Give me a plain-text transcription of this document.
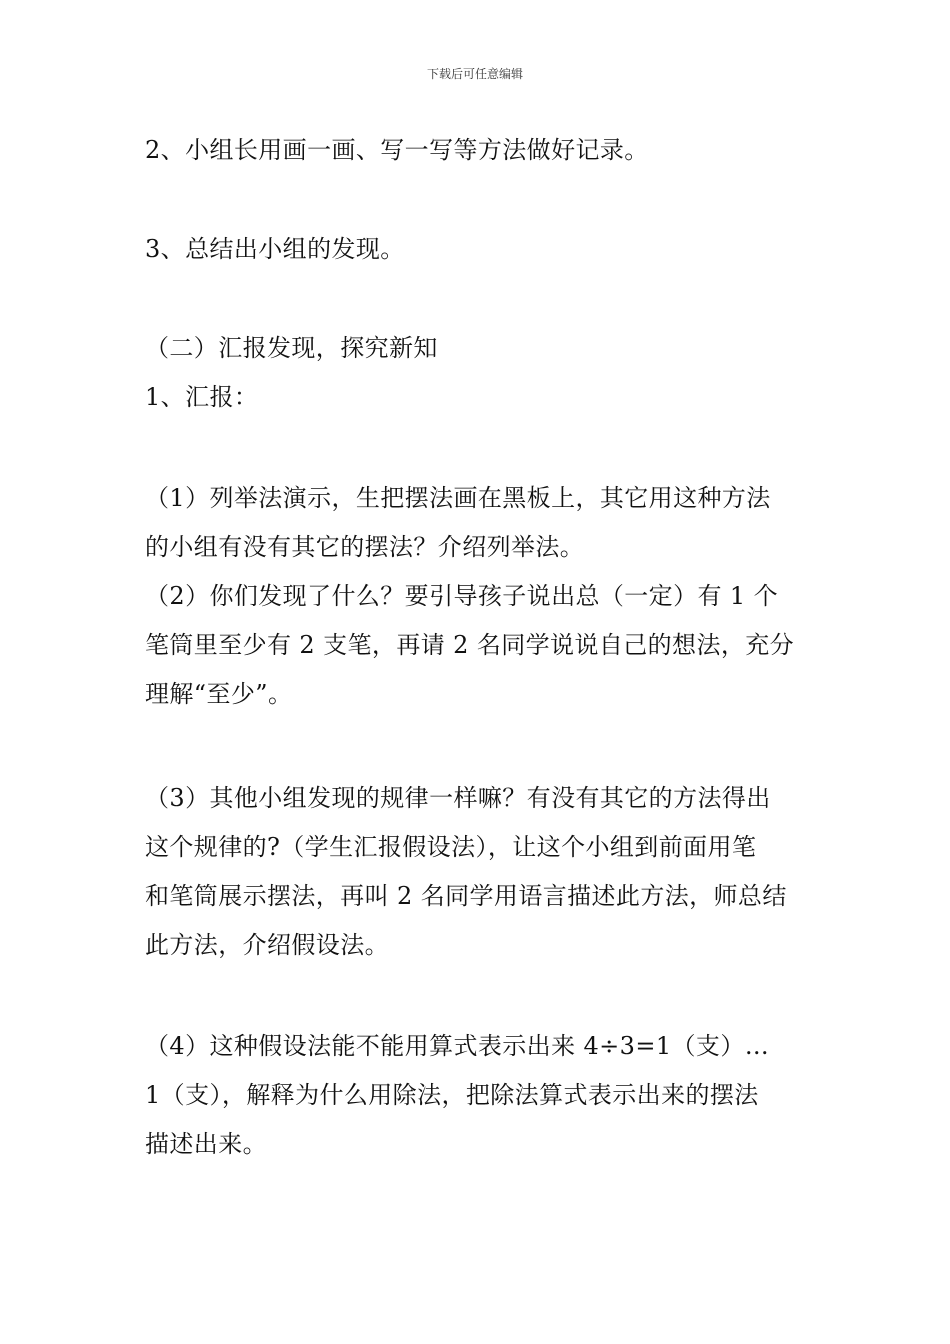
下载后可任意编辑
2、小组长用画一画、写一写等方法做好记录。
3、总结出小组的发现。
（二）汇报发现，探究新知
1、汇报：
（1）列举法演示，生把摆法画在黑板上，其它用这种方法
的小组有没有其它的摆法？介绍列举法。
（2）你们发现了什么？要引导孩子说出总（一定）有 1 个
笔筒里至少有 2 支笔，再请 2 名同学说说自己的想法，充分
理解“至少”。
（3）其他小组发现的规律一样嘛？有没有其它的方法得出
这个规律的?（学生汇报假设法），让这个小组到前面用笔
和笔筒展示摆法，再叫 2 名同学用语言描述此方法，师总结
此方法，介绍假设法。
（4）这种假设法能不能用算式表示出来 4÷3=1（支）…
1（支），解释为什么用除法，把除法算式表示出来的摆法
描述出来。
